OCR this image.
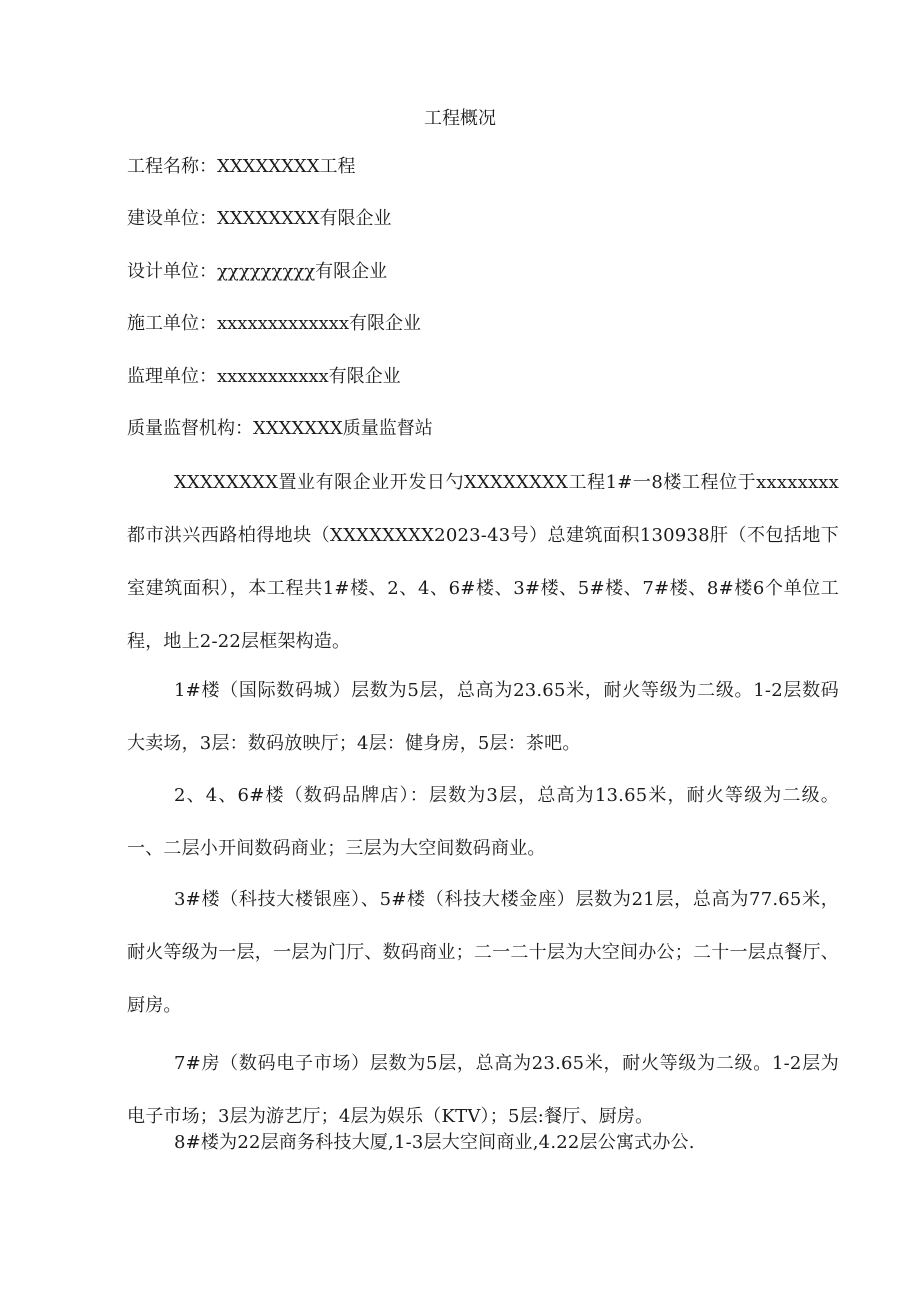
工程概况
工程名称：XXXXXXXX工程
建设单位：XXXXXXXX有限企业
设计单位：χχχχχχχχχ有限企业
施工单位：xxxxxxxxxxxxx有限企业
监理单位：xxxxxxxxxxx有限企业
质量监督机构：XXXXXXX质量监督站
XXXXXXXX置业有限企业开发日勺XXXXXXXX工程1#一8楼工程位于xxxxxxxx都市洪兴西路柏得地块（XXXXXXXX2023-43号）总建筑面积130938肝（不包括地下室建筑面积），本工程共1#楼、2、4、6#楼、3#楼、5#楼、7#楼、8#楼6个单位工程，地上2-22层框架构造。
1#楼（国际数码城）层数为5层，总高为23.65米，耐火等级为二级。1-2层数码大卖场，3层：数码放映厅；4层：健身房，5层：茶吧。
2、4、6#楼（数码品牌店）：层数为3层，总高为13.65米，耐火等级为二级。一、二层小开间数码商业；三层为大空间数码商业。
3#楼（科技大楼银座）、5#楼（科技大楼金座）层数为21层，总高为77.65米，耐火等级为一层，一层为门厅、数码商业；二一二十层为大空间办公；二十一层点餐厅、厨房。
7#房（数码电子市场）层数为5层，总高为23.65米，耐火等级为二级。1-2层为电子市场；3层为游艺厅；4层为娱乐（KTV）；5层:餐厅、厨房。
8#楼为22层商务科技大厦,1-3层大空间商业,4.22层公寓式办公.
